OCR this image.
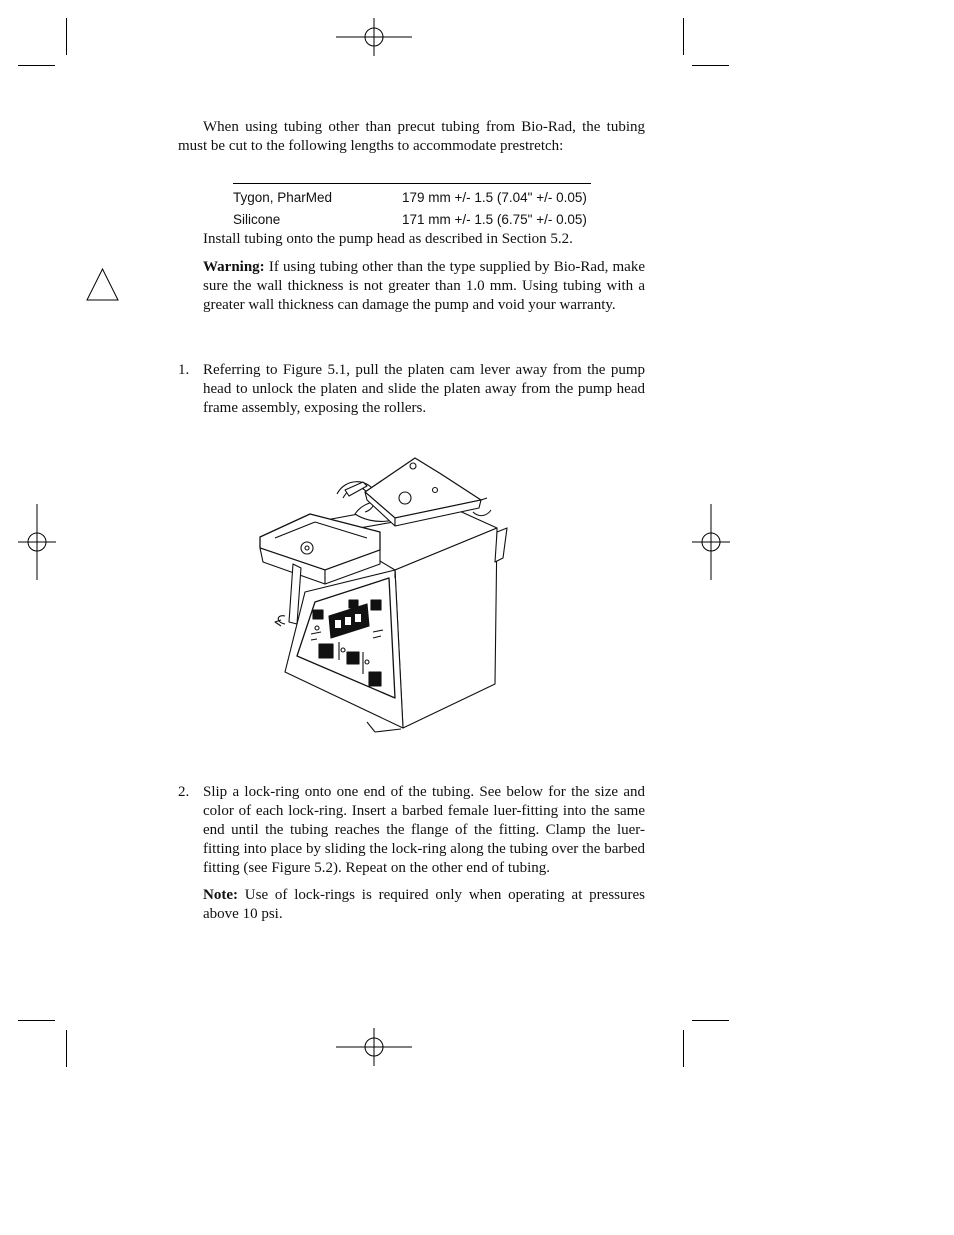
When using tubing other than precut tubing from Bio-Rad, the tubing must be cut to the following lengths to accommodate prestretch:

Tygon, PharMed	179 mm +/- 1.5 (7.04" +/- 0.05)
Silicone	171 mm +/- 1.5 (6.75" +/- 0.05)

Install tubing onto the pump head as described in Section 5.2.

Warning: If using tubing other than the type supplied by Bio-Rad, make sure the wall thickness is not greater than 1.0 mm. Using tubing with a greater wall thickness can damage the pump and void your warranty.

1. Referring to Figure 5.1, pull the platen cam lever away from the pump head to unlock the platen and slide the platen away from the pump head frame assembly, exposing the rollers.

2. Slip a lock-ring onto one end of the tubing. See below for the size and color of each lock-ring. Insert a barbed female luer-fitting into the same end until the tubing reaches the flange of the fitting. Clamp the luer-fitting into place by sliding the lock-ring along the tubing over the barbed fitting (see Figure 5.2). Repeat on the other end of tubing.

Note: Use of lock-rings is required only when operating at pressures above 10 psi.
